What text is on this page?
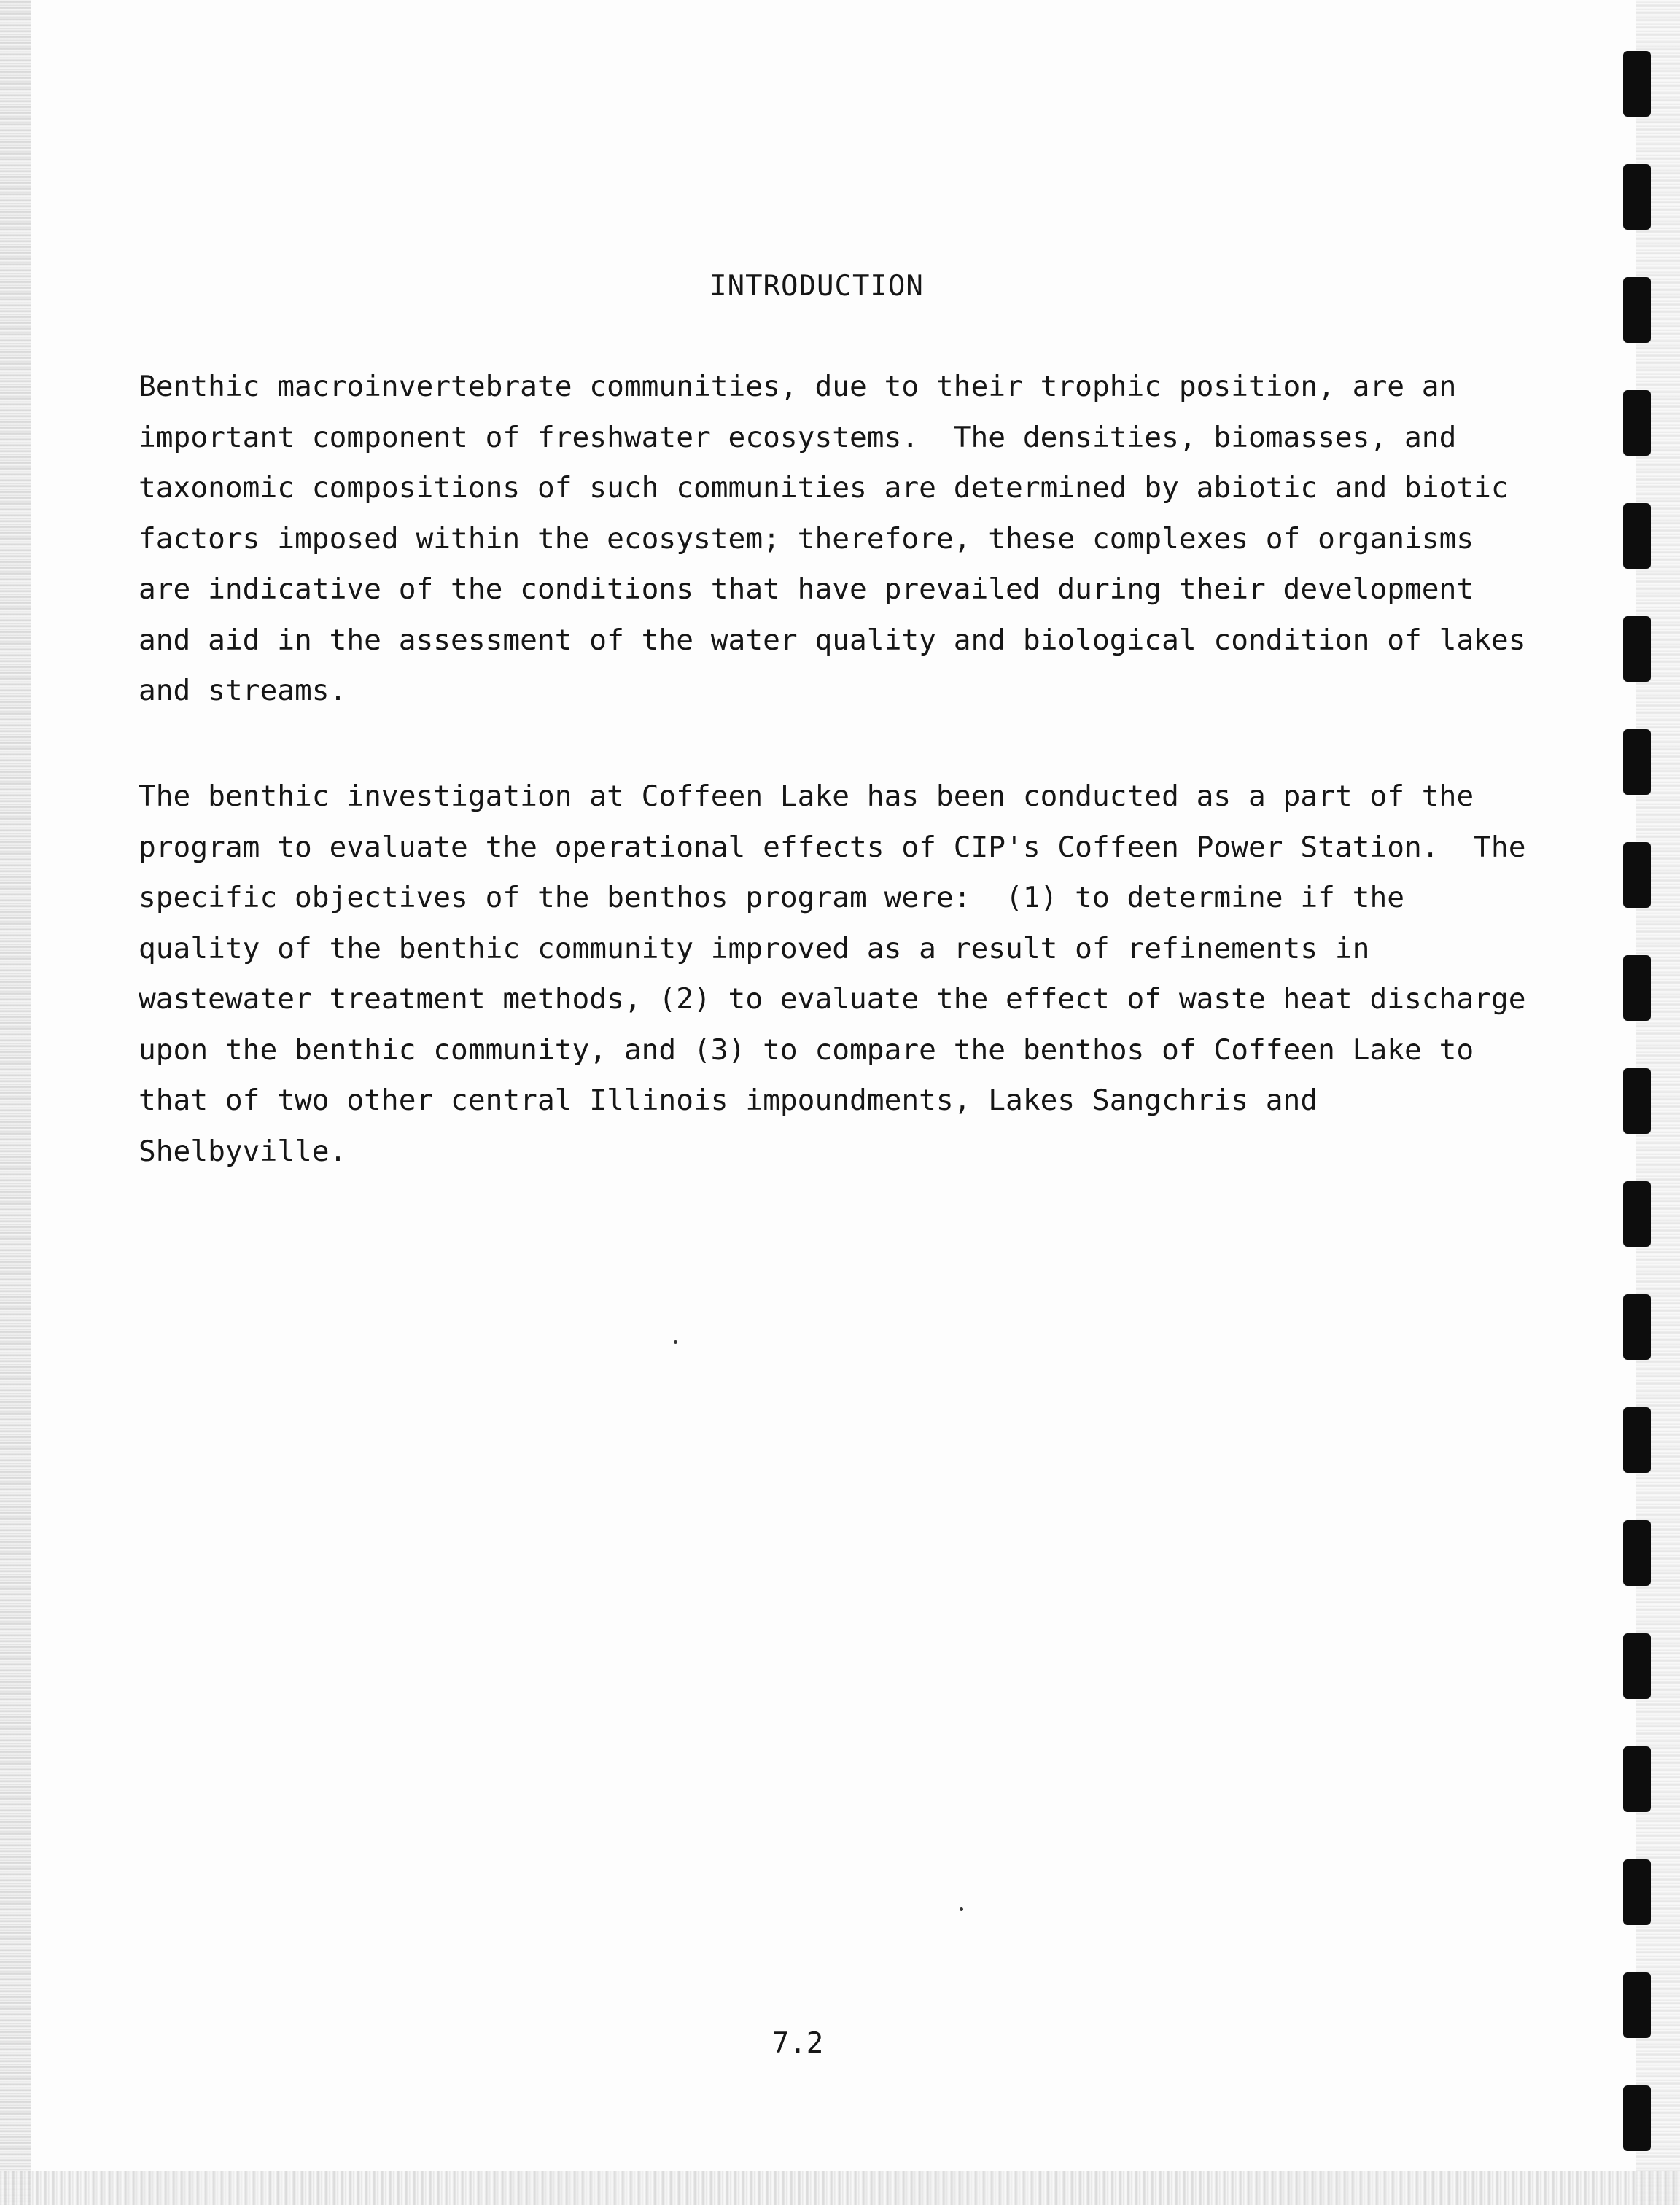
INTRODUCTION

Benthic macroinvertebrate communities, due to their trophic position, are an
important component of freshwater ecosystems.  The densities, biomasses, and
taxonomic compositions of such communities are determined by abiotic and biotic
factors imposed within the ecosystem; therefore, these complexes of organisms
are indicative of the conditions that have prevailed during their development
and aid in the assessment of the water quality and biological condition of lakes
and streams.

The benthic investigation at Coffeen Lake has been conducted as a part of the
program to evaluate the operational effects of CIP's Coffeen Power Station.  The
specific objectives of the benthos program were:  (1) to determine if the
quality of the benthic community improved as a result of refinements in
wastewater treatment methods, (2) to evaluate the effect of waste heat discharge
upon the benthic community, and (3) to compare the benthos of Coffeen Lake to
that of two other central Illinois impoundments, Lakes Sangchris and
Shelbyville.

7.2
